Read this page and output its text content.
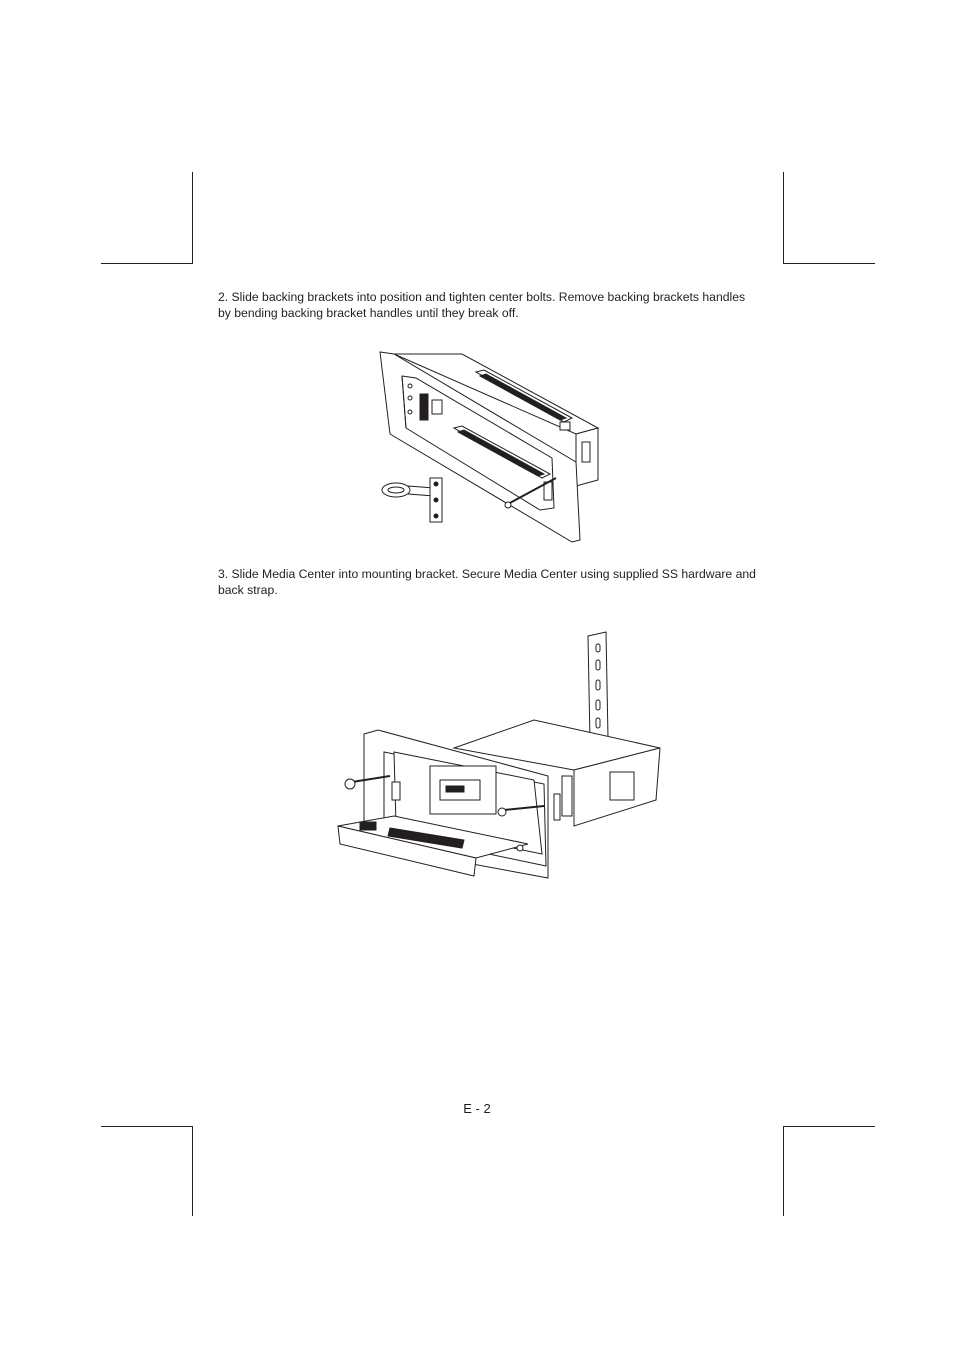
2. Slide backing brackets into position and tighten center bolts. Remove backing brackets handles by bending backing bracket handles until they break off.

3. Slide Media Center into mounting bracket. Secure Media Center using supplied SS hardware and back strap.

E - 2
